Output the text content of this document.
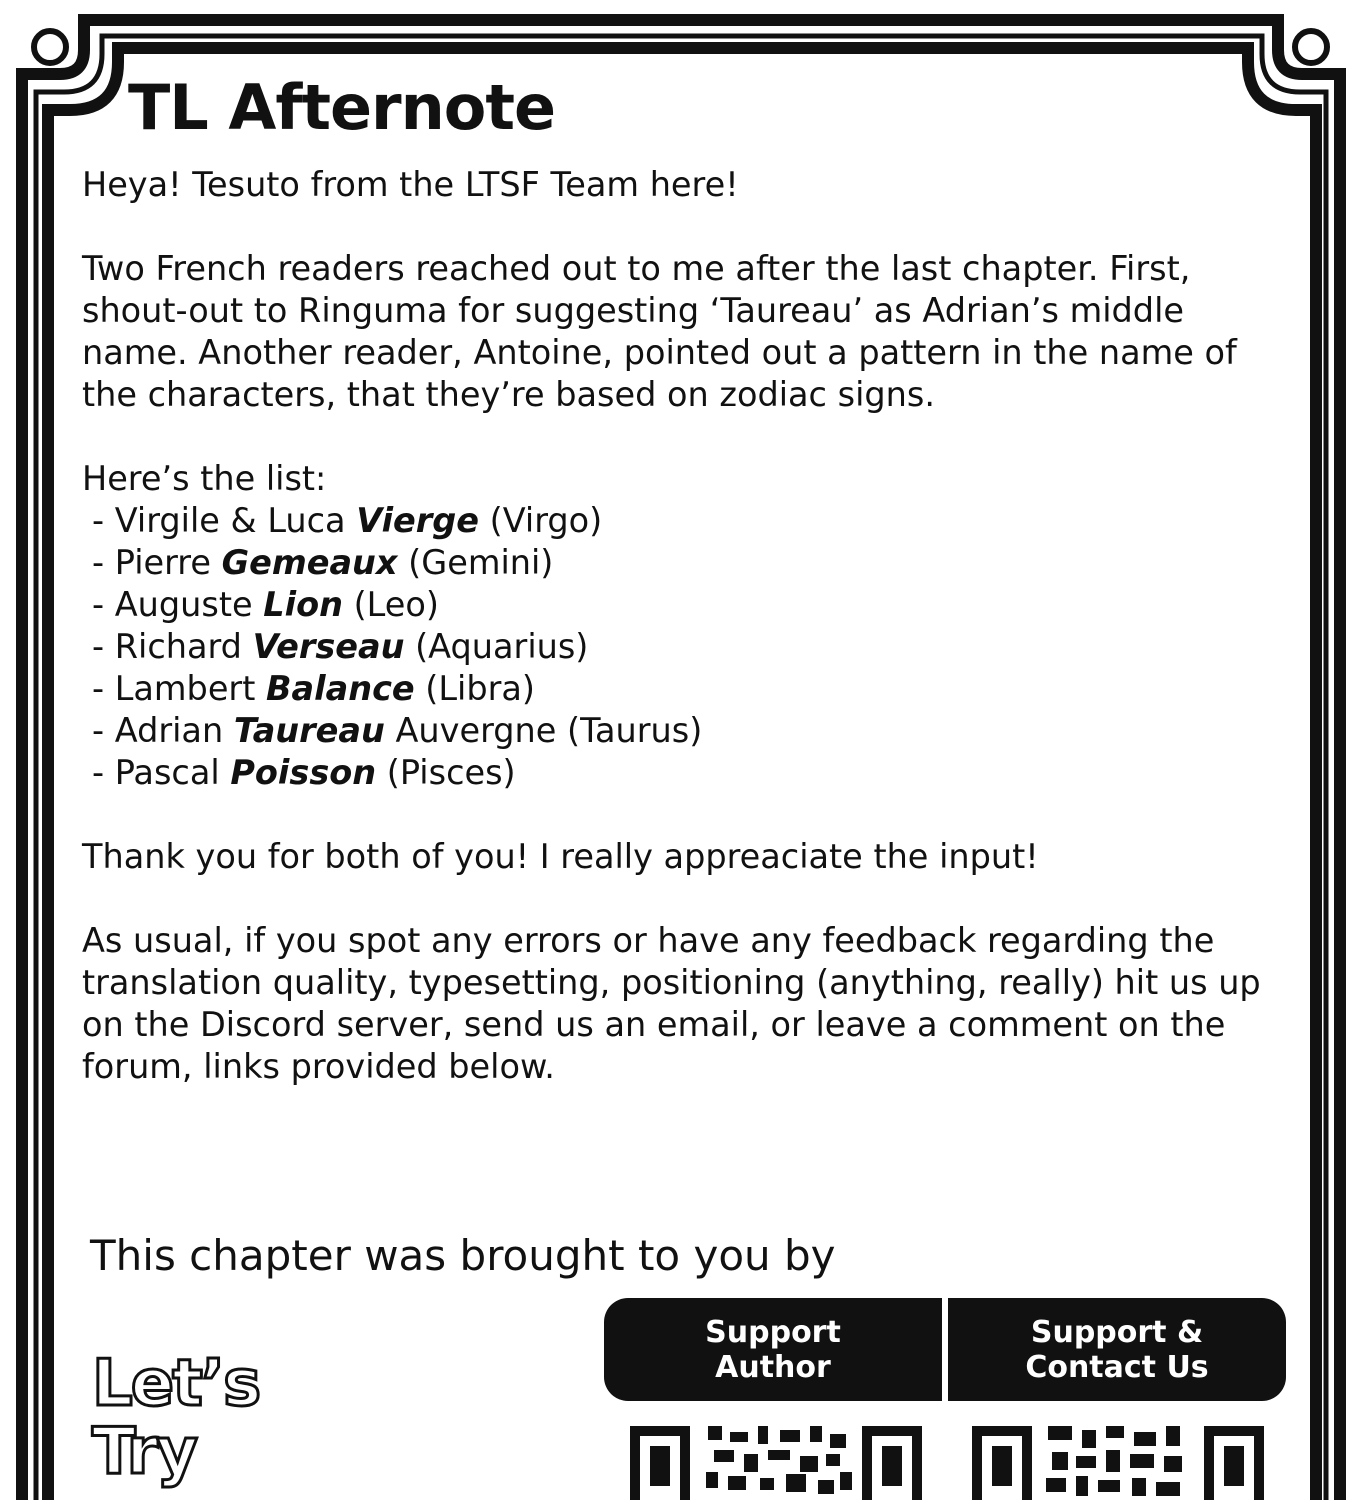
TL Afternote

Heya! Tesuto from the LTSF Team here!

Two French readers reached out to me after the last chapter. First, shout-out to Ringuma for suggesting ‘Taureau’ as Adrian’s middle name. Another reader, Antoine, pointed out a pattern in the name of the characters, that they’re based on zodiac signs.

Here’s the list:

- Virgile & Luca Vierge (Virgo)
- Pierre Gemeaux (Gemini)
- Auguste Lion (Leo)
- Richard Verseau (Aquarius)
- Lambert Balance (Libra)
- Adrian Taureau Auvergne (Taurus)
- Pascal Poisson (Pisces)

Thank you for both of you! I really appreaciate the input!

As usual, if you spot any errors or have any feedback regarding the translation quality, typesetting, positioning (anything, really) hit us up on the Discord server, send us an email, or leave a comment on the forum, links provided below.

This chapter was brought to you by

Let’s
Try
Support
Author
Support &
Contact Us
